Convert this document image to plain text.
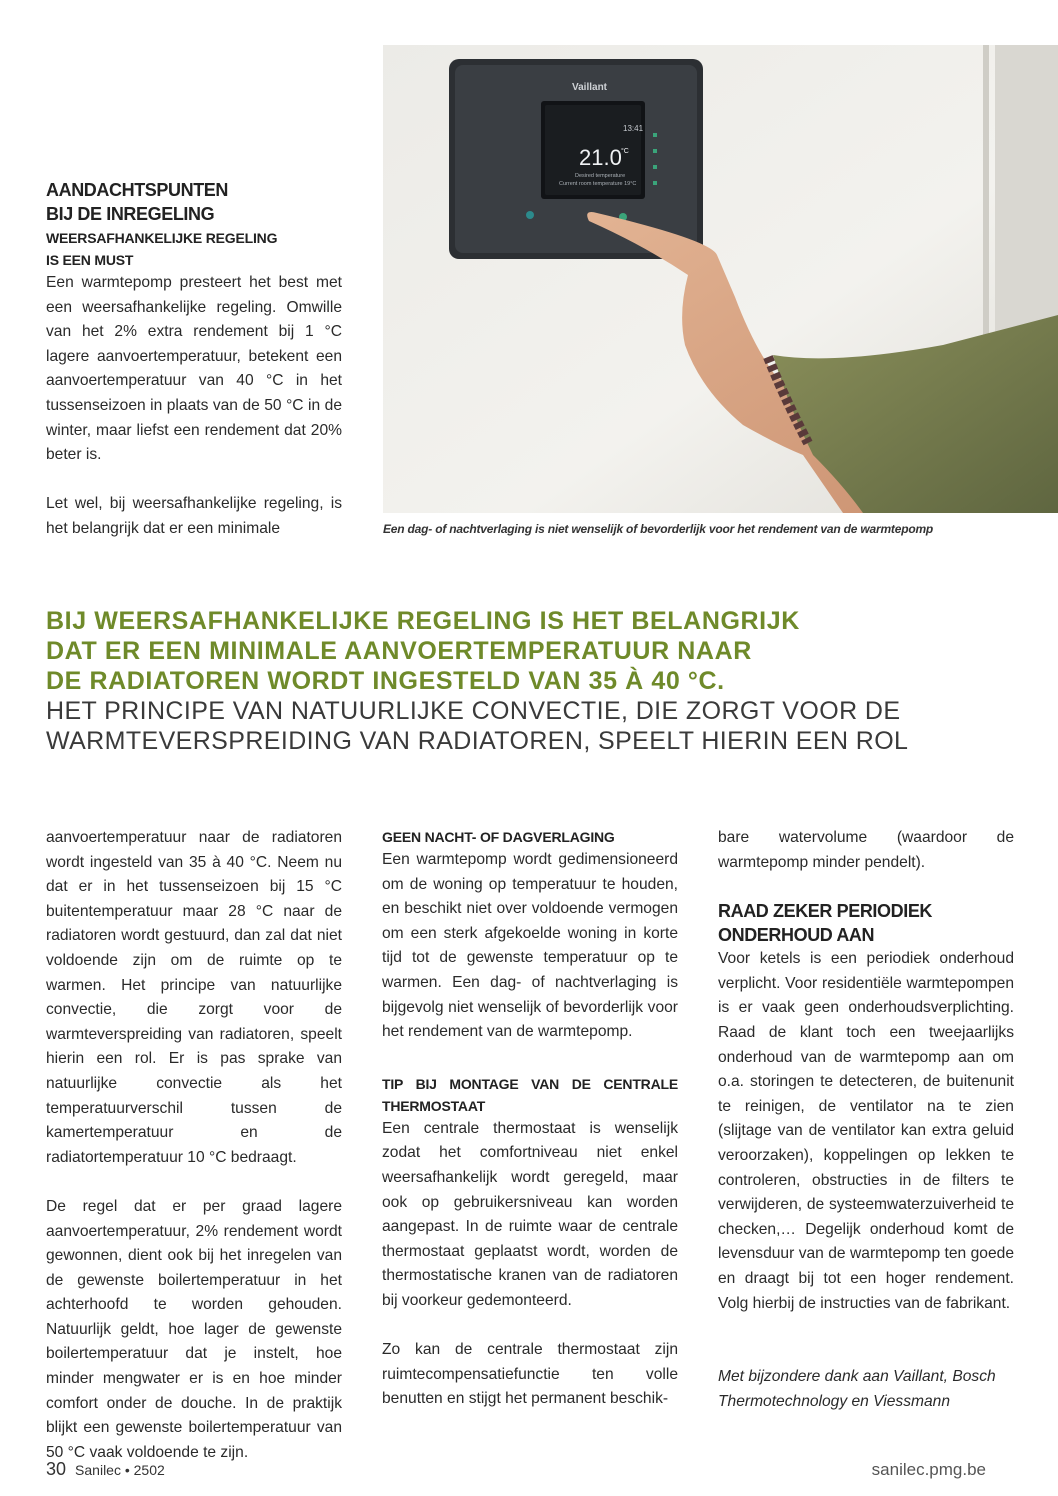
AANDACHTSPUNTEN
BIJ DE INREGELING
WEERSAFHANKELIJKE REGELING
IS EEN MUST

Een warmtepomp presteert het best met een weersafhankelijke regeling. Omwille van het 2% extra rendement bij 1 °C lagere aanvoertemperatuur, betekent een aanvoertemperatuur van 40 °C in het tussenseizoen in plaats van de 50 °C in de winter, maar liefst een rendement dat 20% beter is.

Let wel, bij weersafhankelijke regeling, is het belangrijk dat er een minimale

Vaillant
13:41
21.0 °C
Desired temperature
Current room temperature 19°C
Een dag- of nachtverlaging is niet wenselijk of bevorderlijk voor het rendement van de warmtepomp
BIJ WEERSAFHANKELIJKE REGELING IS HET BELANGRIJK
DAT ER EEN MINIMALE AANVOERTEMPERATUUR NAAR
DE RADIATOREN WORDT INGESTELD VAN 35 À 40 °C.
HET PRINCIPE VAN NATUURLIJKE CONVECTIE, DIE ZORGT VOOR DE
WARMTEVERSPREIDING VAN RADIATOREN, SPEELT HIERIN EEN ROL

aanvoertemperatuur naar de radiatoren wordt ingesteld van 35 à 40 °C. Neem nu dat er in het tussenseizoen bij 15 °C buitentemperatuur maar 28 °C naar de radiatoren wordt gestuurd, dan zal dat niet voldoende zijn om de ruimte op te warmen. Het principe van natuurlijke convectie, die zorgt voor de warmteverspreiding van radiatoren, speelt hierin een rol. Er is pas sprake van natuurlijke convectie als het temperatuurverschil tussen de kamertemperatuur en de radiatortemperatuur 10 °C bedraagt.

De regel dat er per graad lagere aanvoertemperatuur, 2% rendement wordt gewonnen, dient ook bij het inregelen van de gewenste boilertemperatuur in het achterhoofd te worden gehouden. Natuurlijk geldt, hoe lager de gewenste boilertemperatuur dat je instelt, hoe minder mengwater er is en hoe minder comfort onder de douche. In de praktijk blijkt een gewenste boilertemperatuur van 50 °C vaak voldoende te zijn.

GEEN NACHT- OF DAGVERLAGING

Een warmtepomp wordt gedimensioneerd om de woning op temperatuur te houden, en beschikt niet over voldoende vermogen om een sterk afgekoelde woning in korte tijd tot de gewenste temperatuur op te warmen. Een dag- of nachtverlaging is bijgevolg niet wenselijk of bevorderlijk voor het rendement van de warmtepomp.

TIP BIJ MONTAGE VAN DE CENTRALE THERMOSTAAT

Een centrale thermostaat is wenselijk zodat het comfortniveau niet enkel weersafhankelijk wordt geregeld, maar ook op gebruikersniveau kan worden aangepast. In de ruimte waar de centrale thermostaat geplaatst wordt, worden de thermostatische kranen van de radiatoren bij voorkeur gedemonteerd.

Zo kan de centrale thermostaat zijn ruimtecompensatiefunctie ten volle benutten en stijgt het permanent beschik-

bare watervolume (waardoor de warmtepomp minder pendelt).

RAAD ZEKER PERIODIEK
ONDERHOUD AAN

Voor ketels is een periodiek onderhoud verplicht. Voor residentiële warmtepompen is er vaak geen onderhoudsverplichting. Raad de klant toch een tweejaarlijks onderhoud van de warmtepomp aan om o.a. storingen te detecteren, de buitenunit te reinigen, de ventilator na te zien (slijtage van de ventilator kan extra geluid veroorzaken), koppelingen op lekken te controleren, obstructies in de filters te verwijderen, de systeemwaterzuiverheid te checken,… Degelijk onderhoud komt de levensduur van de warmtepomp ten goede en draagt bij tot een hoger rendement. Volg hierbij de instructies van de fabrikant.

Met bijzondere dank aan Vaillant, Bosch Thermotechnology en Viessmann

30 Sanilec • 2502	sanilec.pmg.be
